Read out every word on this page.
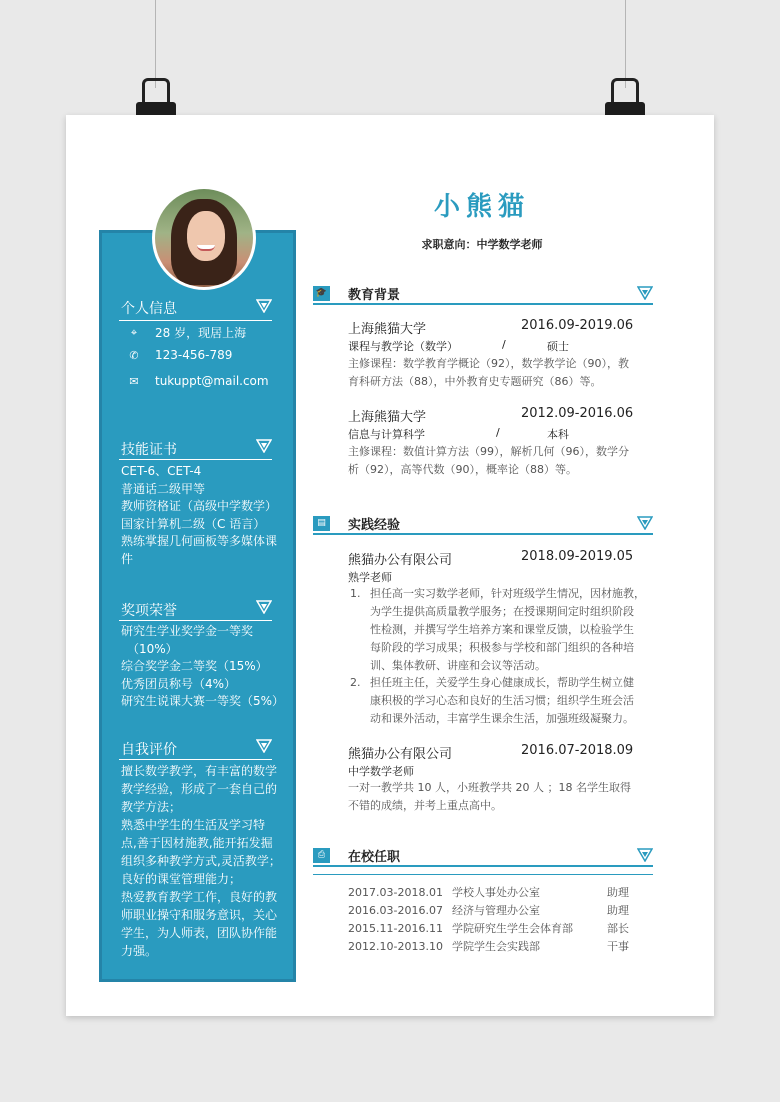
个人信息
⌖	28 岁，现居上海
✆ 123-456-789
✉ tukuppt@mail.com
技能证书
CET-6、CET-4
普通话二级甲等
教师资格证（高级中学数学）
国家计算机二级（C 语言）
熟练掌握几何画板等多媒体课
件
奖项荣誉
研究生学业奖学金一等奖
（10%）
综合奖学金二等奖（15%）
优秀团员称号（4%）
研究生说课大赛一等奖（5%）
自我评价
擅长数学教学，有丰富的数学
教学经验，形成了一套自己的
教学方法；
熟悉中学生的生活及学习特
点,善于因材施教,能开拓发掘
组织多种教学方式,灵活教学；
良好的课堂管理能力；
热爱教育教学工作，良好的教
师职业操守和服务意识，关心
学生，为人师表，团队协作能
力强。
小熊猫
求职意向：中学数学老师
🎓 教育背景
上海熊猫大学	2016.09-2019.06
课程与教学论（数学）	/	硕士
主修课程：数学教育学概论（92），数学教学论（90），教
育科研方法（88），中外教育史专题研究（86）等。
上海熊猫大学	2012.09-2016.06
信息与计算科学	/	本科
主修课程：数值计算方法（99），解析几何（96），数学分
析（92），高等代数（90），概率论（88）等。
▤	实践经验
熊猫办公有限公司	2018.09-2019.05
熟学老师
1. 担任高一实习数学老师，针对班级学生情况，因材施教，
为学生提供高质量教学服务；在授课期间定时组织阶段
性检测，并撰写学生培养方案和课堂反馈，以检验学生
每阶段的学习成果；积极参与学校和部门组织的各种培
训、集体教研、讲座和会议等活动。
2. 担任班主任，关爱学生身心健康成长，帮助学生树立健
康积极的学习心态和良好的生活习惯；组织学生班会活
动和课外活动，丰富学生课余生活，加强班级凝聚力。
熊猫办公有限公司	2016.07-2018.09
中学数学老师
一对一教学共 10 人，小班教学共 20 人 ；18 名学生取得
不错的成绩，并考上重点高中。
⎙	在校任职
2017.03-2018.01 学校人事处办公室	助理
2016.03-2016.07 经济与管理办公室	助理
2015.11-2016.11 学院研究生学生会体育部	部长
2012.10-2013.10 学院学生会实践部	干事
